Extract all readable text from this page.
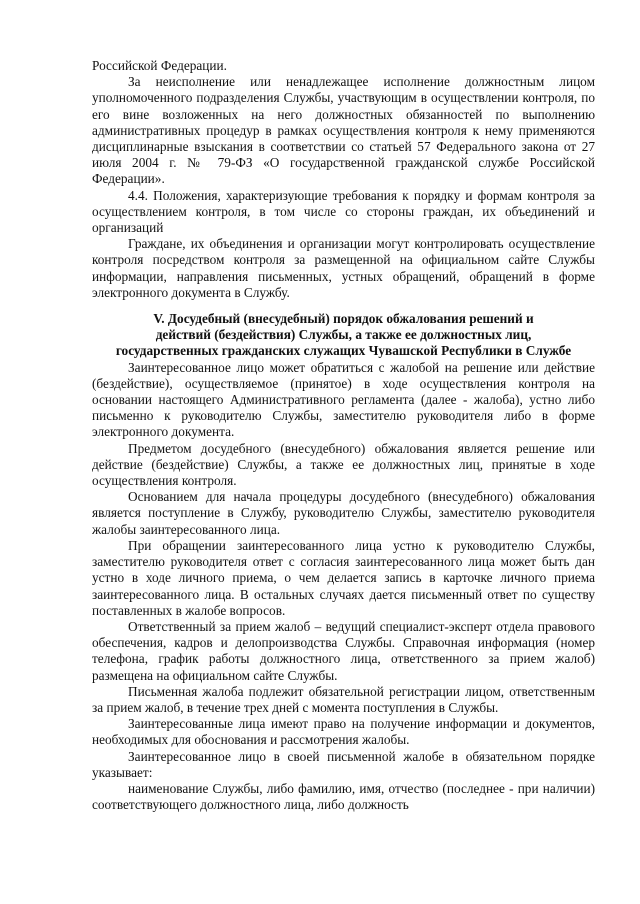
Российской Федерации.

За неисполнение или ненадлежащее исполнение должностным лицом уполномоченного подразделения Службы, участвующим в осуществлении контроля, по его вине возложенных на него должностных обязанностей по выполнению административных процедур в рамках осуществления контроля к нему применяются дисциплинарные взыскания в соответствии со статьей 57 Федерального закона от 27 июля 2004 г. № 79-ФЗ «О государственной гражданской службе Российской Федерации».

4.4. Положения, характеризующие требования к порядку и формам контроля за осуществлением контроля, в том числе со стороны граждан, их объединений и организаций

Граждане, их объединения и организации могут контролировать осуществление контроля посредством контроля за размещенной на официальном сайте Службы информации, направления письменных, устных обращений, обращений в форме электронного документа в Службу.

V. Досудебный (внесудебный) порядок обжалования решений и
действий (бездействия) Службы, а также ее должностных лиц,
государственных гражданских служащих Чувашской Республики в Службе

Заинтересованное лицо может обратиться с жалобой на решение или действие (бездействие), осуществляемое (принятое) в ходе осуществления контроля на основании настоящего Административного регламента (далее - жалоба), устно либо письменно к руководителю Службы, заместителю руководителя либо в форме электронного документа.

Предметом досудебного (внесудебного) обжалования является решение или действие (бездействие) Службы, а также ее должностных лиц, принятые в ходе осуществления контроля.

Основанием для начала процедуры досудебного (внесудебного) обжалования является поступление в Службу, руководителю Службы, заместителю руководителя жалобы заинтересованного лица.

При обращении заинтересованного лица устно к руководителю Службы, заместителю руководителя ответ с согласия заинтересованного лица может быть дан устно в ходе личного приема, о чем делается запись в карточке личного приема заинтересованного лица. В остальных случаях дается письменный ответ по существу поставленных в жалобе вопросов.

Ответственный за прием жалоб – ведущий специалист-эксперт отдела правового обеспечения, кадров и делопроизводства Службы. Справочная информация (номер телефона, график работы должностного лица, ответственного за прием жалоб) размещена на официальном сайте Службы.

Письменная жалоба подлежит обязательной регистрации лицом, ответственным за прием жалоб, в течение трех дней с момента поступления в Службы.

Заинтересованные лица имеют право на получение информации и документов, необходимых для обоснования и рассмотрения жалобы.

Заинтересованное лицо в своей письменной жалобе в обязательном порядке указывает:

наименование Службы, либо фамилию, имя, отчество (последнее - при наличии) соответствующего должностного лица, либо должность
